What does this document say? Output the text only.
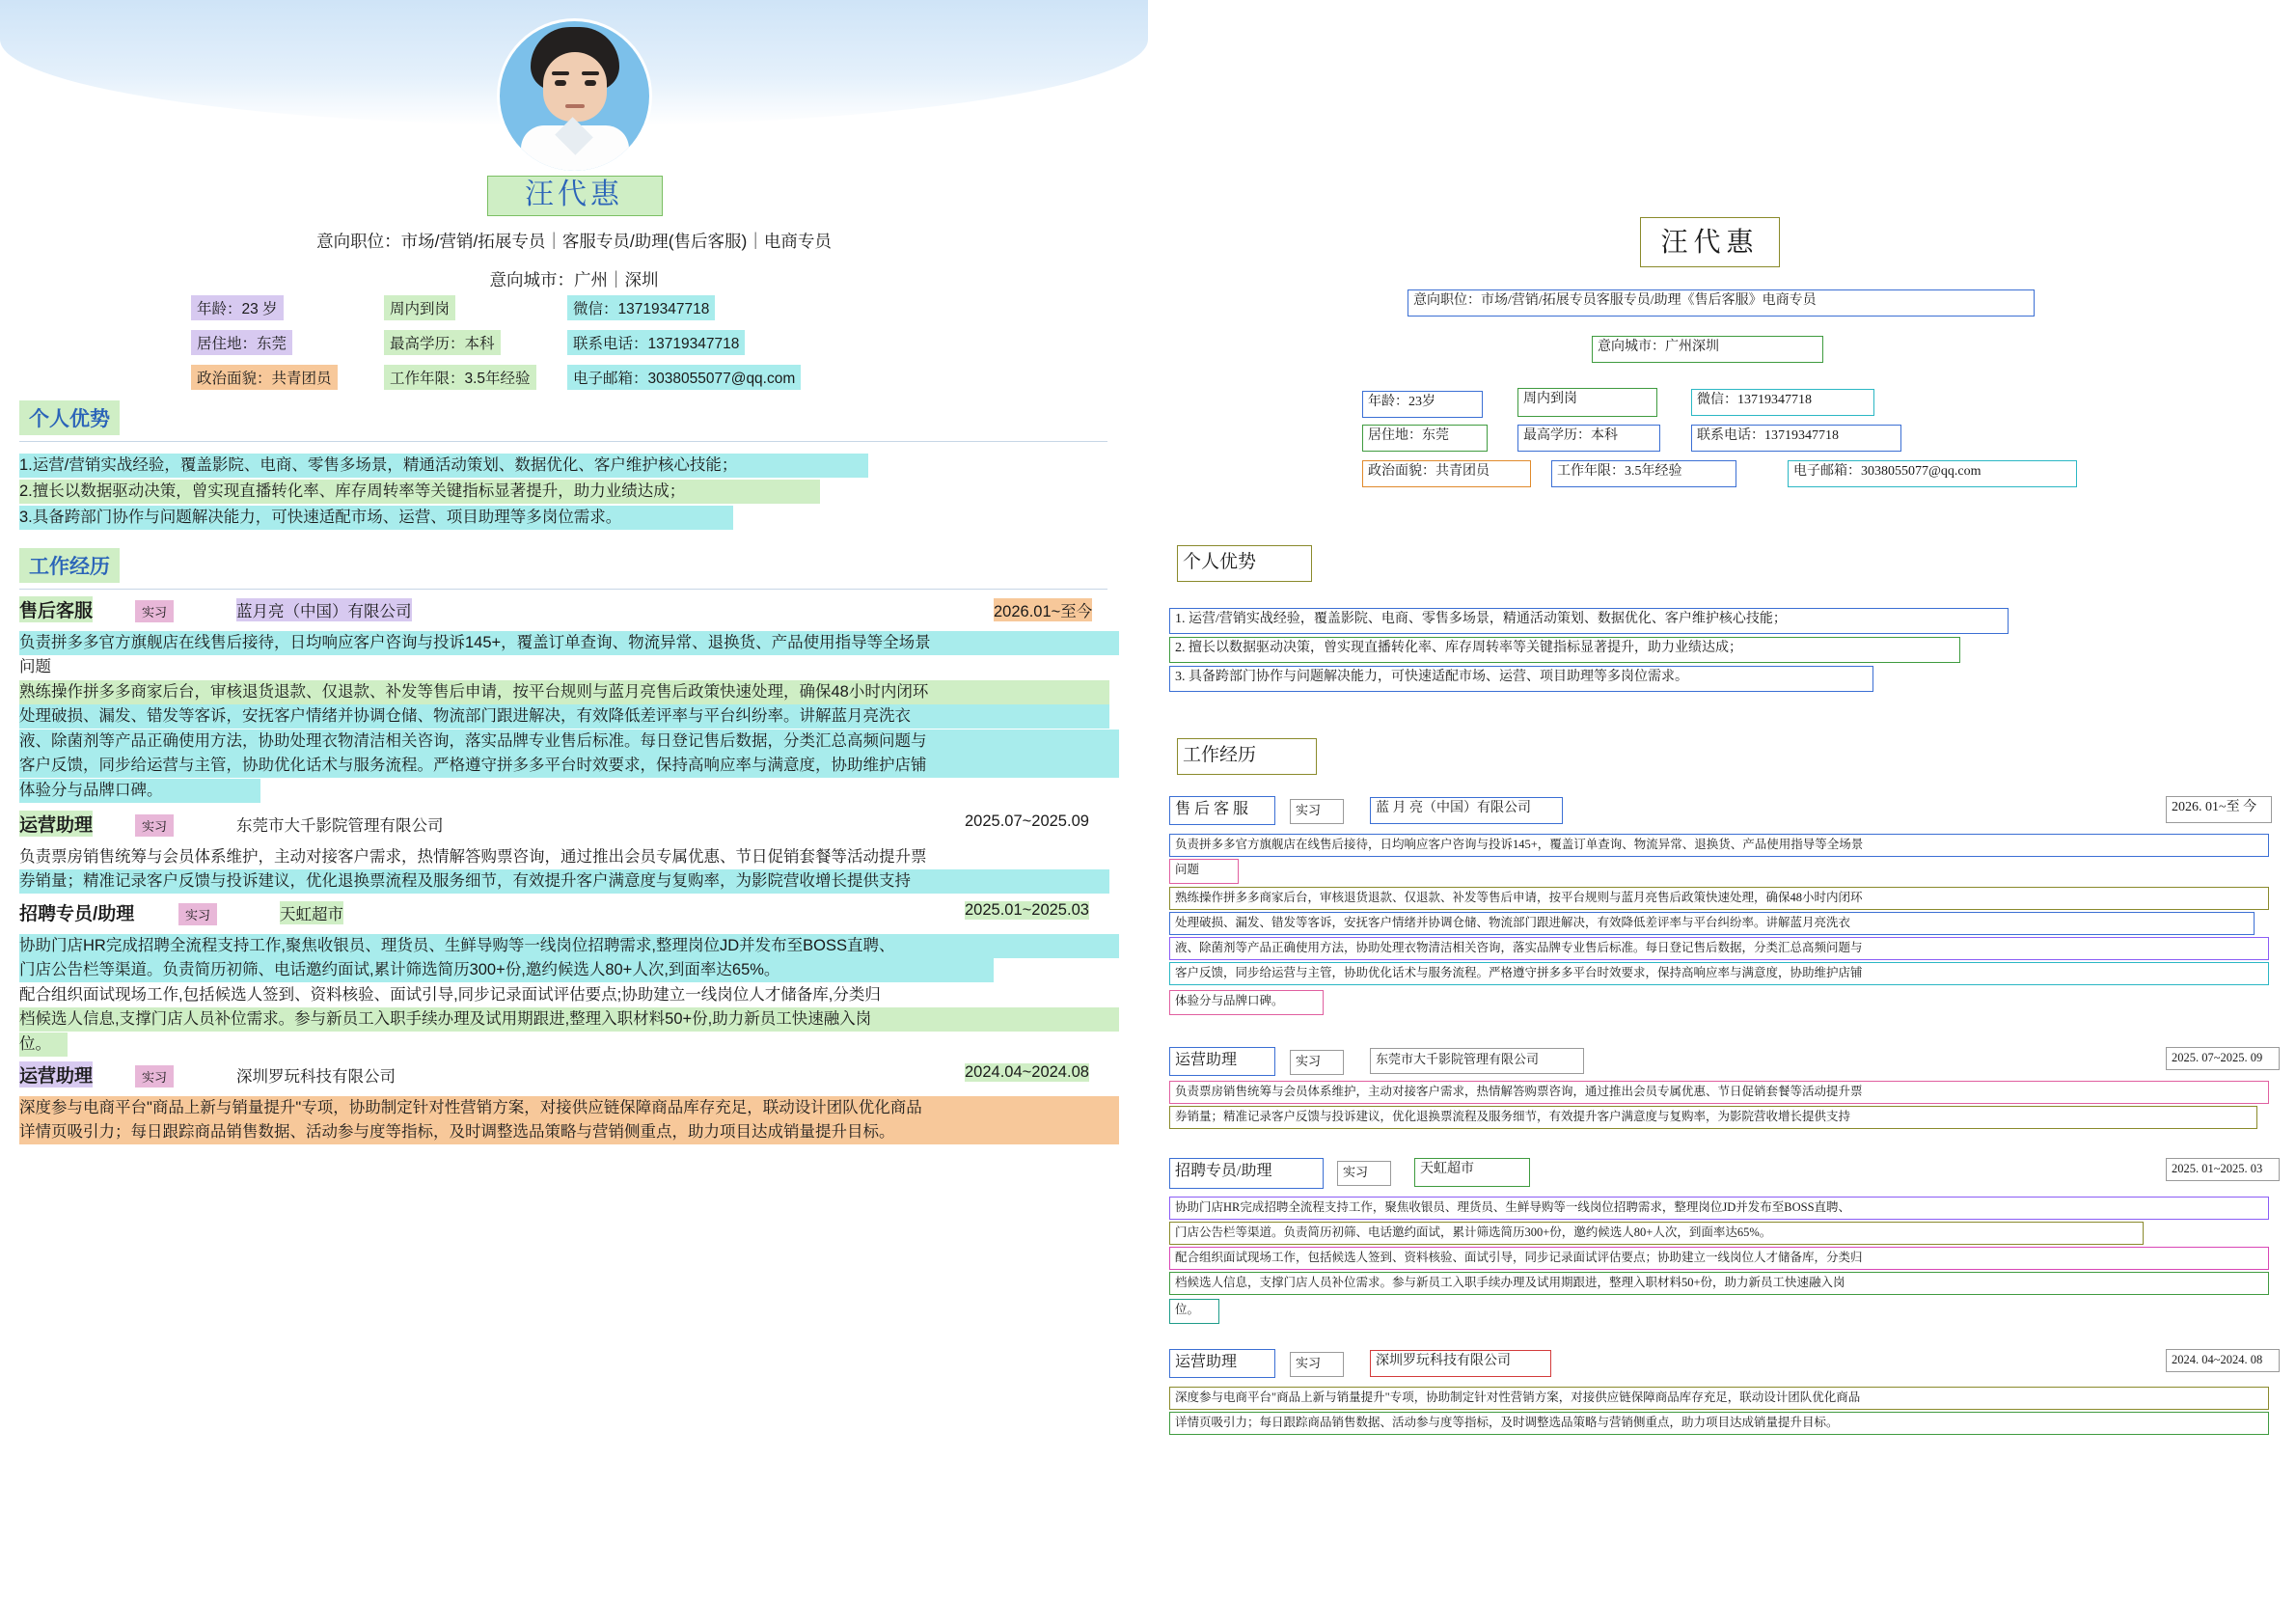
汪代惠
意向职位：市场/营销/拓展专员｜客服专员/助理(售后客服)｜电商专员
意向城市：广州｜深圳
年龄：23 岁	周内到岗	微信：13719347718
居住地：东莞	最高学历：本科	联系电话：13719347718
政治面貌：共青团员	工作年限：3.5年经验	电子邮箱：3038055077@qq.com
个人优势
1.运营/营销实战经验，覆盖影院、电商、零售多场景，精通活动策划、数据优化、客户维护核心技能；
2.擅长以数据驱动决策，曾实现直播转化率、库存周转率等关键指标显著提升，助力业绩达成；
3.具备跨部门协作与问题解决能力，可快速适配市场、运营、项目助理等多岗位需求。
工作经历
售后客服	实习	蓝月亮（中国）有限公司	2026.01~至今
负责拼多多官方旗舰店在线售后接待，日均响应客户咨询与投诉145+，覆盖订单查询、物流异常、退换货、产品使用指导等全场景
问题
熟练操作拼多多商家后台，审核退货退款、仅退款、补发等售后申请，按平台规则与蓝月亮售后政策快速处理，确保48小时内闭环
处理破损、漏发、错发等客诉，安抚客户情绪并协调仓储、物流部门跟进解决，有效降低差评率与平台纠纷率。讲解蓝月亮洗衣
液、除菌剂等产品正确使用方法，协助处理衣物清洁相关咨询，落实品牌专业售后标准。每日登记售后数据，分类汇总高频问题与
客户反馈，同步给运营与主管，协助优化话术与服务流程。严格遵守拼多多平台时效要求，保持高响应率与满意度，协助维护店铺
体验分与品牌口碑。
运营助理	实习	东莞市大千影院管理有限公司	2025.07~2025.09
负责票房销售统筹与会员体系维护，主动对接客户需求，热情解答购票咨询，通过推出会员专属优惠、节日促销套餐等活动提升票
券销量；精准记录客户反馈与投诉建议，优化退换票流程及服务细节，有效提升客户满意度与复购率，为影院营收增长提供支持
招聘专员/助理	实习	天虹超市	2025.01~2025.03
协助门店HR完成招聘全流程支持工作,聚焦收银员、理货员、生鲜导购等一线岗位招聘需求,整理岗位JD并发布至BOSS直聘、
门店公告栏等渠道。负责简历初筛、电话邀约面试,累计筛选简历300+份,邀约候选人80+人次,到面率达65%。
配合组织面试现场工作,包括候选人签到、资料核验、面试引导,同步记录面试评估要点;协助建立一线岗位人才储备库,分类归
档候选人信息,支撑门店人员补位需求。参与新员工入职手续办理及试用期跟进,整理入职材料50+份,助力新员工快速融入岗
位。
运营助理	实习	深圳罗玩科技有限公司	2024.04~2024.08
深度参与电商平台"商品上新与销量提升"专项，协助制定针对性营销方案，对接供应链保障商品库存充足，联动设计团队优化商品
详情页吸引力；每日跟踪商品销售数据、活动参与度等指标，及时调整选品策略与营销侧重点，助力项目达成销量提升目标。
汪代惠
意向职位：市场/营销/拓展专员客服专员/助理《售后客服》电商专员
意向城市：广州深圳
年龄：23岁	周内到岗	微信：13719347718
居住地：东莞	最高学历：本科	联系电话：13719347718
政治面貌：共青团员	工作年限：3.5年经验	电子邮箱：3038055077@qq.com
个人优势
1. 运营/营销实战经验，覆盖影院、电商、零售多场景，精通活动策划、数据优化、客户维护核心技能；
2. 擅长以数据驱动决策，曾实现直播转化率、库存周转率等关键指标显著提升，助力业绩达成；
3. 具备跨部门协作与问题解决能力，可快速适配市场、运营、项目助理等多岗位需求。
工作经历
售 后 客 服	实习	蓝 月 亮（中国）有限公司	2026. 01~至 今
负责拼多多官方旗舰店在线售后接待，日均响应客户咨询与投诉145+，覆盖订单查询、物流异常、退换货、产品使用指导等全场景
问题
熟练操作拼多多商家后台，审核退货退款、仅退款、补发等售后申请，按平台规则与蓝月亮售后政策快速处理，确保48小时内闭环
处理破损、漏发、错发等客诉，安抚客户情绪并协调仓储、物流部门跟进解决，有效降低差评率与平台纠纷率。讲解蓝月亮洗衣
液、除菌剂等产品正确使用方法，协助处理衣物清洁相关咨询，落实品牌专业售后标准。每日登记售后数据，分类汇总高频问题与
客户反馈，同步给运营与主管，协助优化话术与服务流程。严格遵守拼多多平台时效要求，保持高响应率与满意度，协助维护店铺
体验分与品牌口碑。
运营助理	实习	东莞市大千影院管理有限公司	2025. 07~2025. 09
负责票房销售统筹与会员体系维护，主动对接客户需求，热情解答购票咨询，通过推出会员专属优惠、节日促销套餐等活动提升票
券销量；精准记录客户反馈与投诉建议，优化退换票流程及服务细节，有效提升客户满意度与复购率，为影院营收增长提供支持
招聘专员/助理	实习	天虹超市	2025. 01~2025. 03
协助门店HR完成招聘全流程支持工作，聚焦收银员、理货员、生鲜导购等一线岗位招聘需求，整理岗位JD并发布至BOSS直聘、
门店公告栏等渠道。负责简历初筛、电话邀约面试，累计筛选简历300+份，邀约候选人80+人次，到面率达65%。
配合组织面试现场工作，包括候选人签到、资料核验、面试引导，同步记录面试评估要点；协助建立一线岗位人才储备库，分类归
档候选人信息，支撑门店人员补位需求。参与新员工入职手续办理及试用期跟进，整理入职材料50+份，助力新员工快速融入岗
位。
运营助理	实习	深圳罗玩科技有限公司	2024. 04~2024. 08
深度参与电商平台"商品上新与销量提升"专项，协助制定针对性营销方案，对接供应链保障商品库存充足，联动设计团队优化商品
详情页吸引力；每日跟踪商品销售数据、活动参与度等指标，及时调整选品策略与营销侧重点，助力项目达成销量提升目标。
